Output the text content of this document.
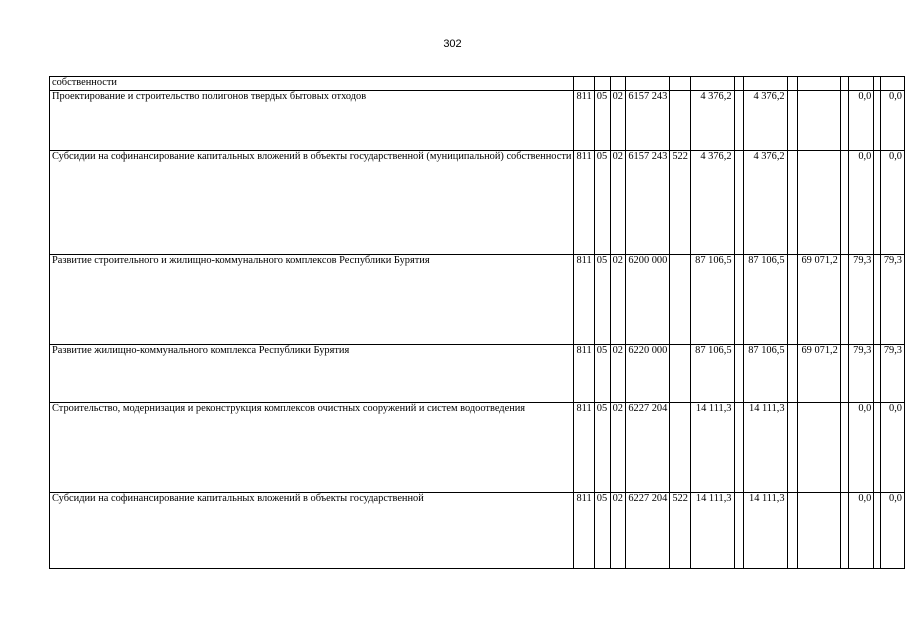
302
собственности														
Проектирование и строительство полигонов твердых бытовых отходов	811	05	02	6157 243		4 376,2		4 376,2				0,0		0,0
Субсидии на софинансирование капитальных вложений в объекты государственной (муниципальной) собственности	811	05	02	6157 243	522	4 376,2		4 376,2				0,0		0,0
Развитие строительного и жилищно-коммунального комплексов Республики Бурятия	811	05	02	6200 000		87 106,5		87 106,5		69 071,2		79,3		79,3
Развитие жилищно-коммунального комплекса Республики Бурятия	811	05	02	6220 000		87 106,5		87 106,5		69 071,2		79,3		79,3
Строительство, модернизация и реконструкция комплексов очистных сооружений и систем водоотведения	811	05	02	6227 204		14 111,3		14 111,3				0,0		0,0
Субсидии на софинансирование капитальных вложений в объекты государственной	811	05	02	6227 204	522	14 111,3		14 111,3				0,0		0,0
